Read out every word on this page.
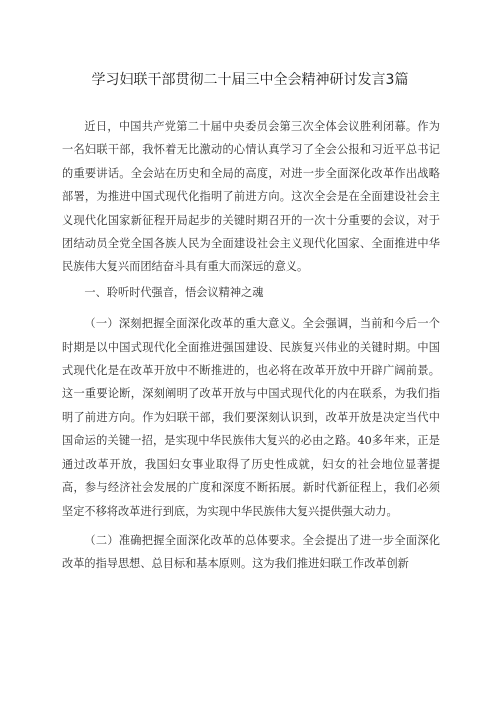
学习妇联干部贯彻二十届三中全会精神研讨发言3篇

近日，中国共产党第二十届中央委员会第三次全体会议胜利闭幕。作为一名妇联干部，我怀着无比激动的心情认真学习了全会公报和习近平总书记的重要讲话。全会站在历史和全局的高度，对进一步全面深化改革作出战略部署，为推进中国式现代化指明了前进方向。这次全会是在全面建设社会主义现代化国家新征程开局起步的关键时期召开的一次十分重要的会议，对于团结动员全党全国各族人民为全面建设社会主义现代化国家、全面推进中华民族伟大复兴而团结奋斗具有重大而深远的意义。

一、聆听时代强音，悟会议精神之魂

（一）深刻把握全面深化改革的重大意义。全会强调，当前和今后一个时期是以中国式现代化全面推进强国建设、民族复兴伟业的关键时期。中国式现代化是在改革开放中不断推进的，也必将在改革开放中开辟广阔前景。这一重要论断，深刻阐明了改革开放与中国式现代化的内在联系，为我们指明了前进方向。作为妇联干部，我们要深刻认识到，改革开放是决定当代中国命运的关键一招，是实现中华民族伟大复兴的必由之路。40多年来，正是通过改革开放，我国妇女事业取得了历史性成就，妇女的社会地位显著提高，参与经济社会发展的广度和深度不断拓展。新时代新征程上，我们必须坚定不移将改革进行到底，为实现中华民族伟大复兴提供强大动力。

（二）准确把握全面深化改革的总体要求。全会提出了进一步全面深化改革的指导思想、总目标和基本原则。这为我们推进妇联工作改革创新
